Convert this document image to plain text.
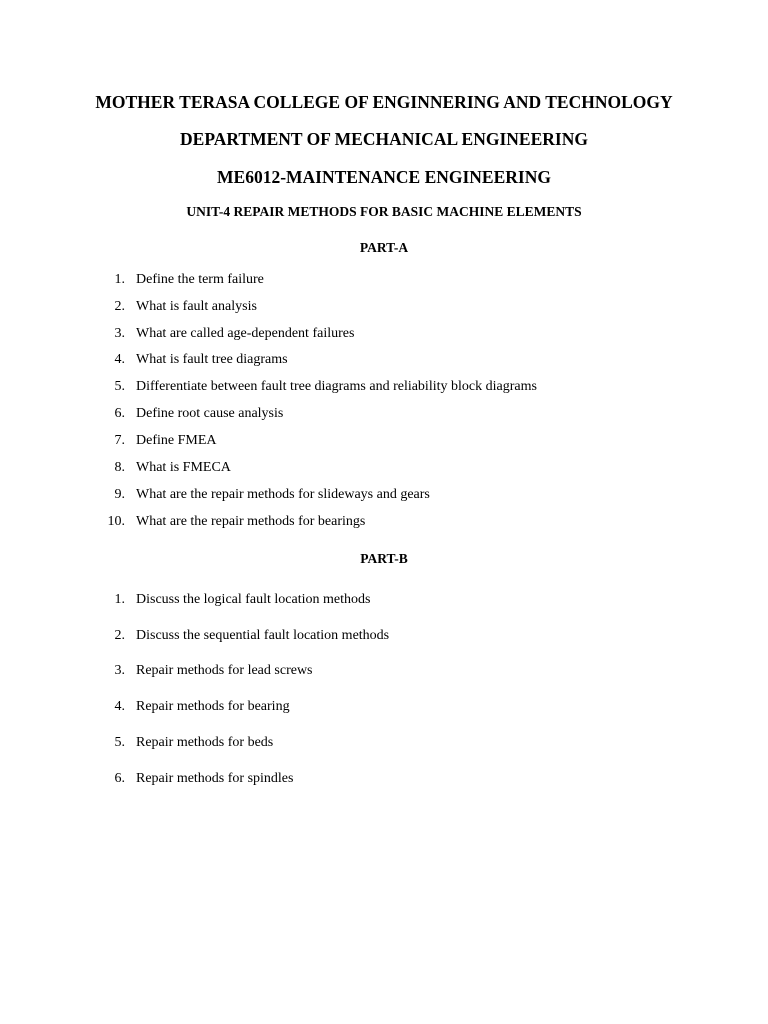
MOTHER TERASA COLLEGE OF ENGINNERING AND TECHNOLOGY
DEPARTMENT OF MECHANICAL ENGINEERING
ME6012-MAINTENANCE ENGINEERING
UNIT-4 REPAIR METHODS FOR BASIC MACHINE ELEMENTS
PART-A
1. Define the term failure
2. What is fault analysis
3. What are called age-dependent failures
4. What is fault tree diagrams
5. Differentiate between fault tree diagrams and reliability block diagrams
6. Define root cause analysis
7. Define FMEA
8. What is FMECA
9. What are the repair methods for slideways and gears
10. What are the repair methods for bearings
PART-B
1. Discuss the logical fault location methods
2. Discuss the sequential fault location methods
3. Repair methods for lead screws
4. Repair methods for bearing
5. Repair methods for beds
6. Repair methods for spindles
